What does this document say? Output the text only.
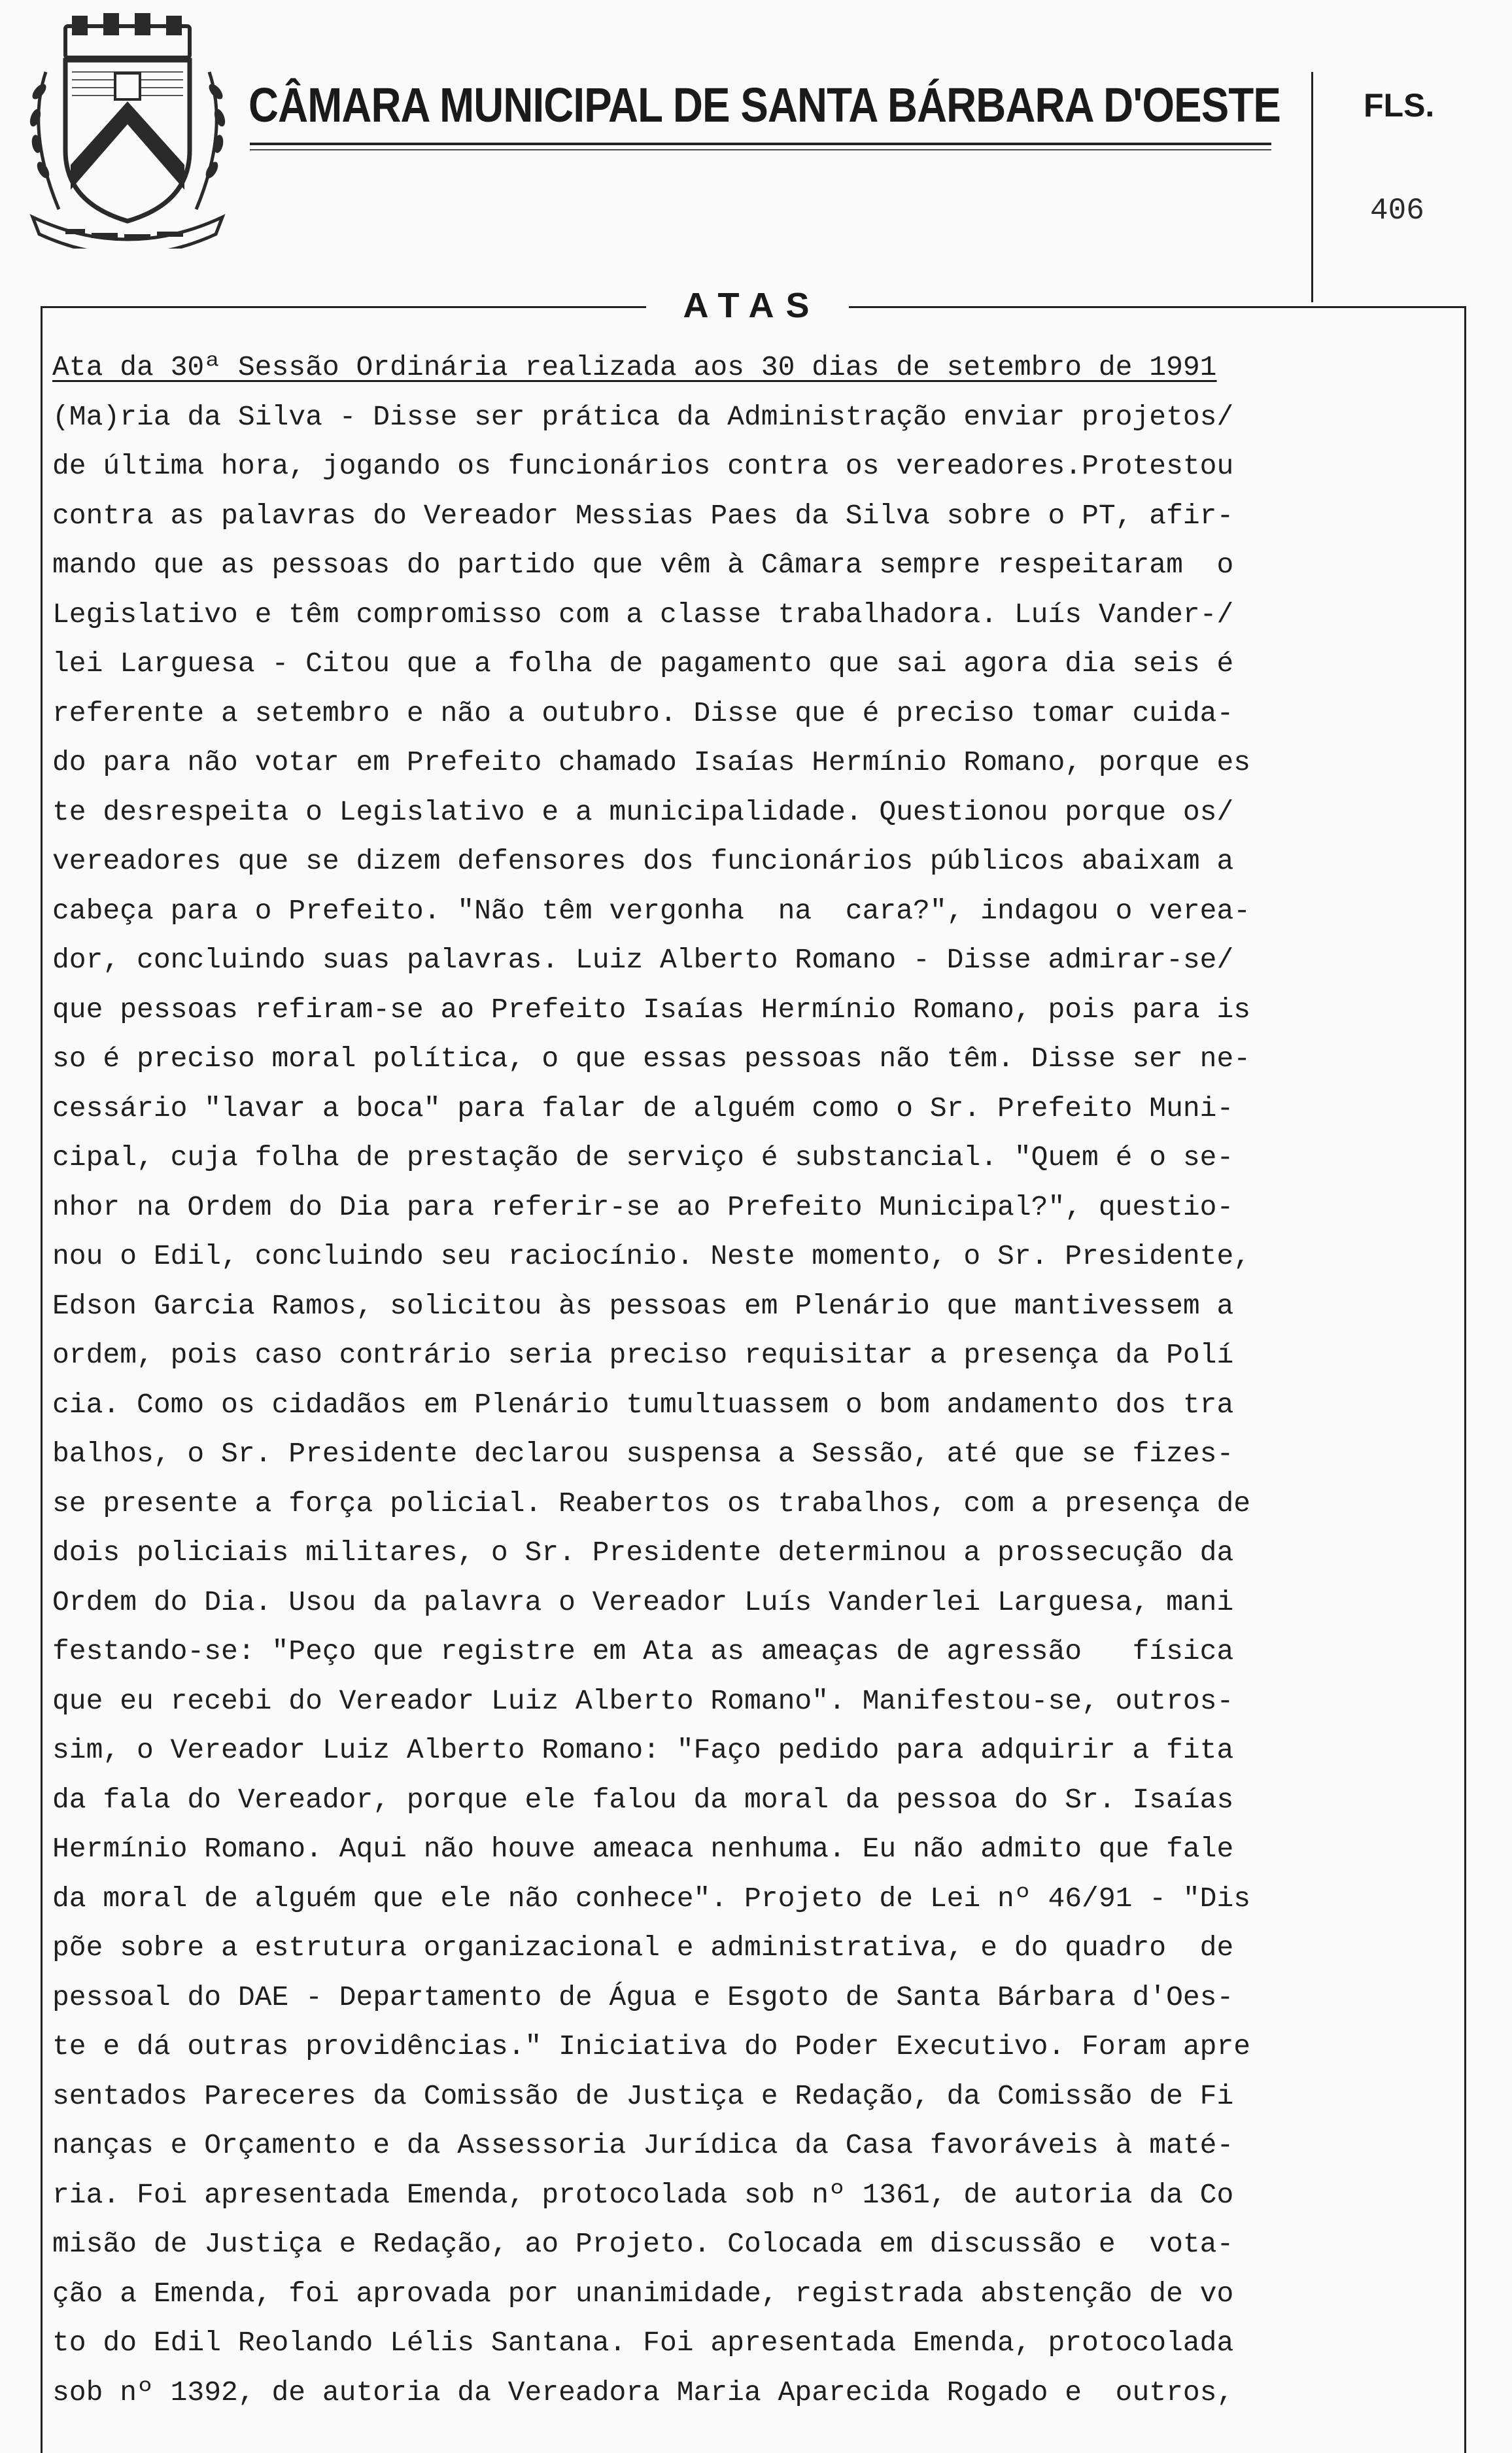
CÂMARA MUNICIPAL DE SANTA BÁRBARA D'OESTE	FLS.
406
ATAS
Ata da 30ª Sessão Ordinária realizada aos 30 dias de setembro de 1991
(Ma)ria da Silva - Disse ser prática da Administração enviar projetos/
de última hora, jogando os funcionários contra os vereadores.Protestou
contra as palavras do Vereador Messias Paes da Silva sobre o PT, afir-
mando que as pessoas do partido que vêm à Câmara sempre respeitaram  o
Legislativo e têm compromisso com a classe trabalhadora. Luís Vander-/
lei Larguesa - Citou que a folha de pagamento que sai agora dia seis é
referente a setembro e não a outubro. Disse que é preciso tomar cuida-
do para não votar em Prefeito chamado Isaías Hermínio Romano, porque es
te desrespeita o Legislativo e a municipalidade. Questionou porque os/
vereadores que se dizem defensores dos funcionários públicos abaixam a
cabeça para o Prefeito. "Não têm vergonha  na  cara?", indagou o verea-
dor, concluindo suas palavras. Luiz Alberto Romano - Disse admirar-se/
que pessoas refiram-se ao Prefeito Isaías Hermínio Romano, pois para is
so é preciso moral política, o que essas pessoas não têm. Disse ser ne-
cessário "lavar a boca" para falar de alguém como o Sr. Prefeito Muni-
cipal, cuja folha de prestação de serviço é substancial. "Quem é o se-
nhor na Ordem do Dia para referir-se ao Prefeito Municipal?", questio-
nou o Edil, concluindo seu raciocínio. Neste momento, o Sr. Presidente,
Edson Garcia Ramos, solicitou às pessoas em Plenário que mantivessem a
ordem, pois caso contrário seria preciso requisitar a presença da Polí
cia. Como os cidadãos em Plenário tumultuassem o bom andamento dos tra
balhos, o Sr. Presidente declarou suspensa a Sessão, até que se fizes-
se presente a força policial. Reabertos os trabalhos, com a presença de
dois policiais militares, o Sr. Presidente determinou a prossecução da
Ordem do Dia. Usou da palavra o Vereador Luís Vanderlei Larguesa, mani
festando-se: "Peço que registre em Ata as ameaças de agressão   física
que eu recebi do Vereador Luiz Alberto Romano". Manifestou-se, outros-
sim, o Vereador Luiz Alberto Romano: "Faço pedido para adquirir a fita
da fala do Vereador, porque ele falou da moral da pessoa do Sr. Isaías
Hermínio Romano. Aqui não houve ameaca nenhuma. Eu não admito que fale
da moral de alguém que ele não conhece". Projeto de Lei nº 46/91 - "Dis
põe sobre a estrutura organizacional e administrativa, e do quadro  de
pessoal do DAE - Departamento de Água e Esgoto de Santa Bárbara d'Oes-
te e dá outras providências." Iniciativa do Poder Executivo. Foram apre
sentados Pareceres da Comissão de Justiça e Redação, da Comissão de Fi
nanças e Orçamento e da Assessoria Jurídica da Casa favoráveis à maté-
ria. Foi apresentada Emenda, protocolada sob nº 1361, de autoria da Co
misão de Justiça e Redação, ao Projeto. Colocada em discussão e  vota-
ção a Emenda, foi aprovada por unanimidade, registrada abstenção de vo
to do Edil Reolando Lélis Santana. Foi apresentada Emenda, protocolada
sob nº 1392, de autoria da Vereadora Maria Aparecida Rogado e  outros,
